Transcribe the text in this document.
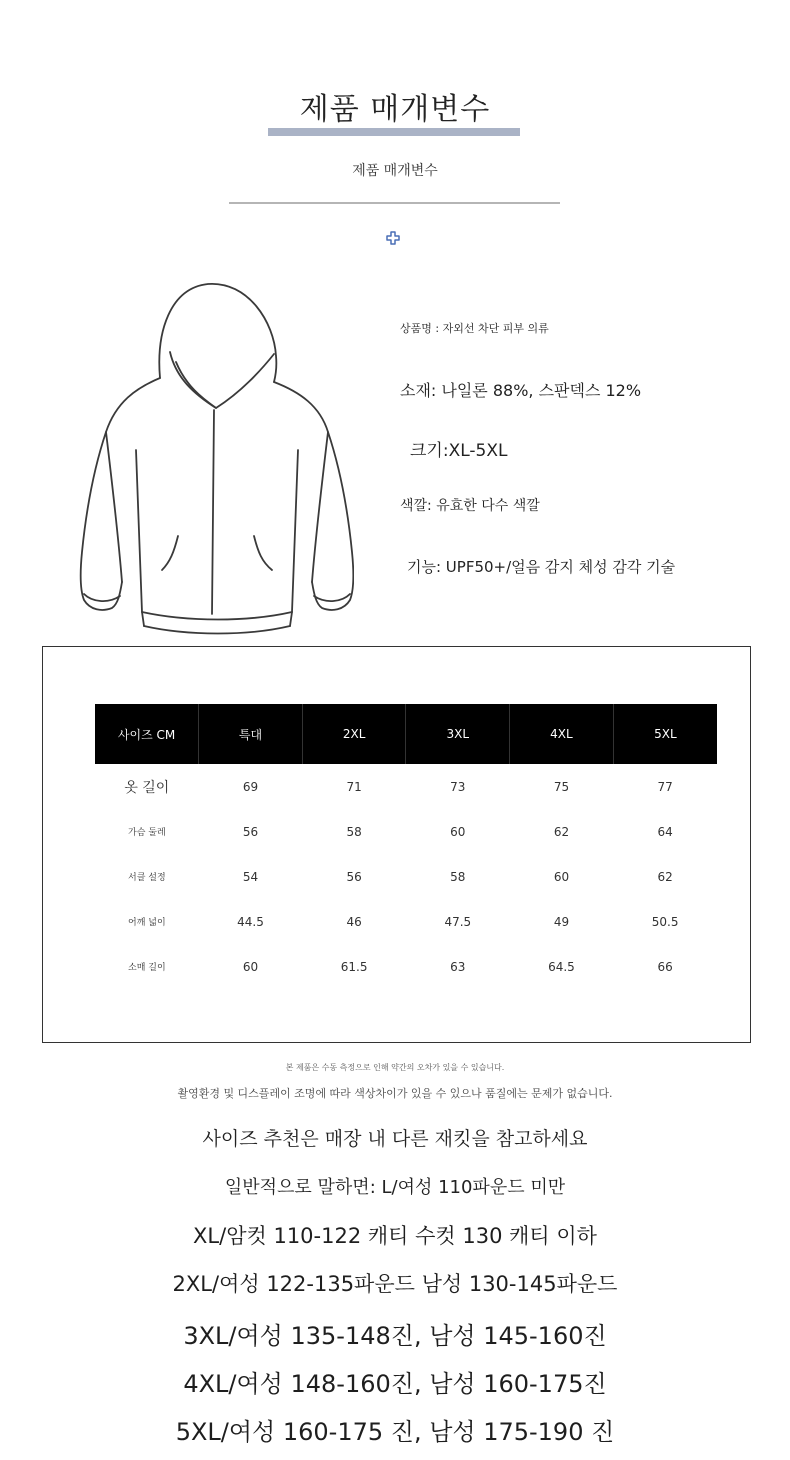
제품 매개변수
제품 매개변수
상품명 : 자외선 차단 피부 의류
소재: 나일론 88%, 스판덱스 12%
크기:XL-5XL
색깔: 유효한 다수 색깔
기능: UPF50+/얼음 감지 체성 감각 기술
사이즈 CM	특대	2XL	3XL	4XL	5XL
옷 길이	69	71	73	75	77
가슴 둘레	56	58	60	62	64
서클 설정	54	56	58	60	62
어깨 넓이	44.5	46	47.5	49	50.5
소매 길이	60	61.5	63	64.5	66
본 제품은 수동 측정으로 인해 약간의 오차가 있을 수 있습니다.
촬영환경 및 디스플레이 조명에 따라 색상차이가 있을 수 있으나 품질에는 문제가 없습니다.
사이즈 추천은 매장 내 다른 재킷을 참고하세요
일반적으로 말하면: L/여성 110파운드 미만
XL/암컷 110-122 캐티 수컷 130 캐티 이하
2XL/여성 122-135파운드 남성 130-145파운드
3XL/여성 135-148진, 남성 145-160진
4XL/여성 148-160진, 남성 160-175진
5XL/여성 160-175 진, 남성 175-190 진
